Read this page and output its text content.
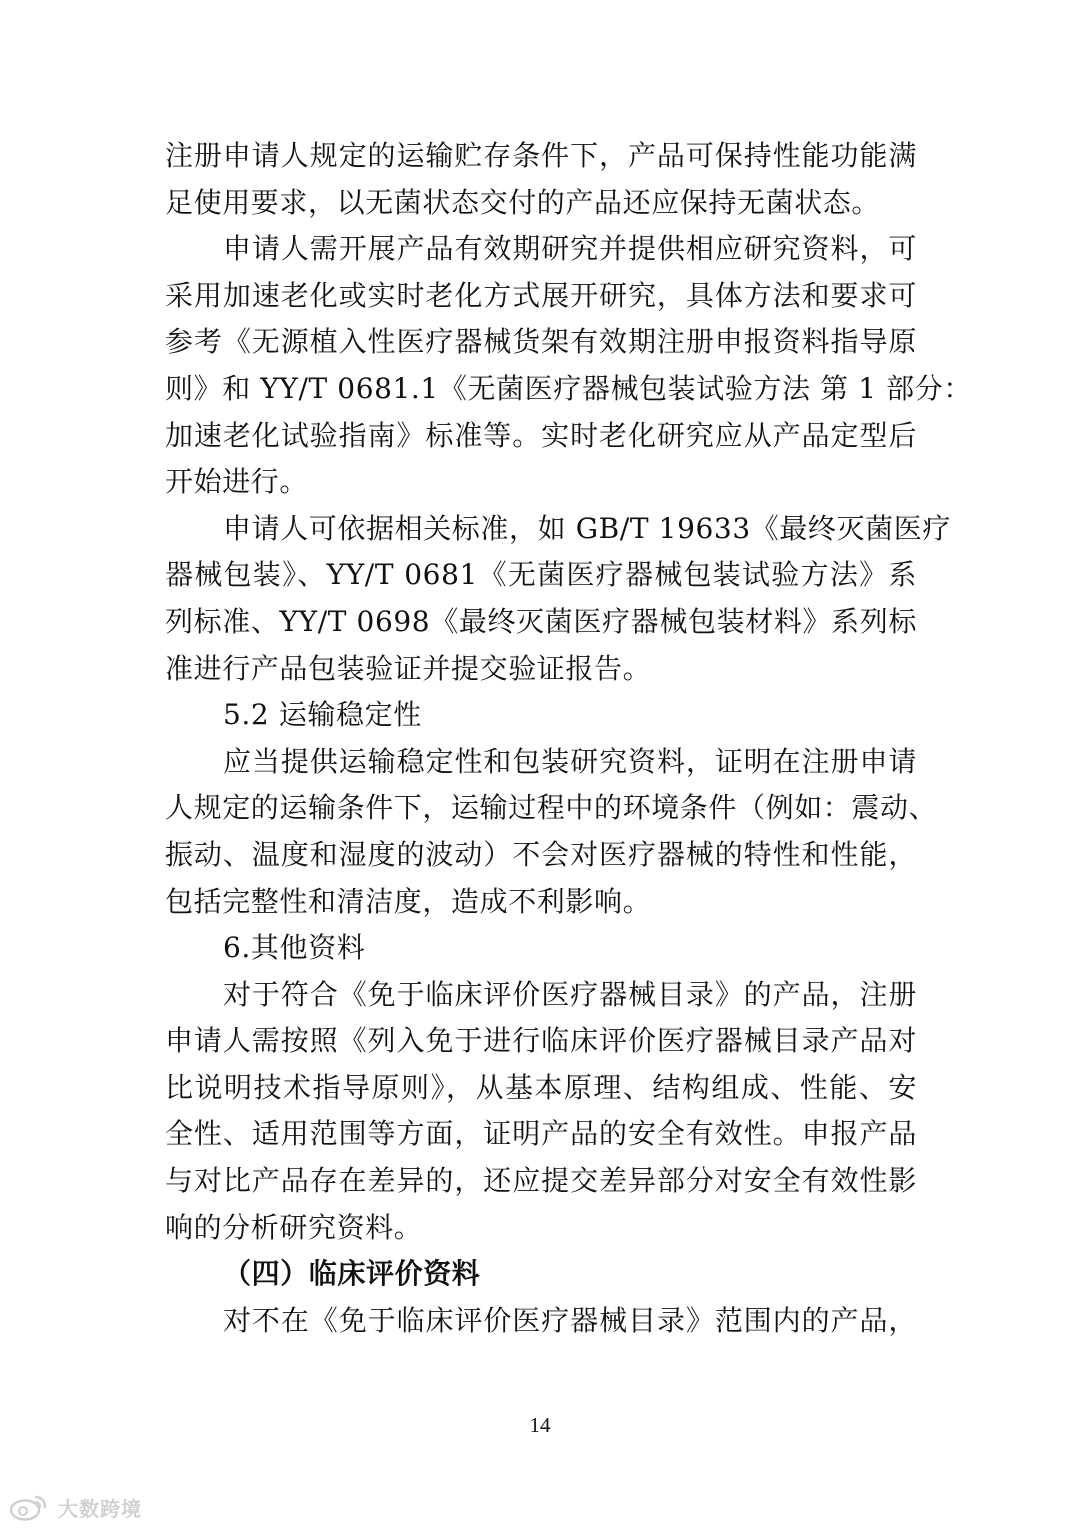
注册申请人规定的运输贮存条件下，产品可保持性能功能满
足使用要求，以无菌状态交付的产品还应保持无菌状态。
申请人需开展产品有效期研究并提供相应研究资料，可
采用加速老化或实时老化方式展开研究，具体方法和要求可
参考《无源植入性医疗器械货架有效期注册申报资料指导原
则》和 YY/T 0681.1《无菌医疗器械包装试验方法 第 1 部分：
加速老化试验指南》标准等。实时老化研究应从产品定型后
开始进行。
申请人可依据相关标准，如 GB/T 19633《最终灭菌医疗
器械包装》、YY/T 0681《无菌医疗器械包装试验方法》系
列标准、YY/T 0698《最终灭菌医疗器械包装材料》系列标
准进行产品包装验证并提交验证报告。
5.2 运输稳定性
应当提供运输稳定性和包装研究资料，证明在注册申请
人规定的运输条件下，运输过程中的环境条件（例如：震动、
振动、温度和湿度的波动）不会对医疗器械的特性和性能，
包括完整性和清洁度，造成不利影响。
6.其他资料
对于符合《免于临床评价医疗器械目录》的产品，注册
申请人需按照《列入免于进行临床评价医疗器械目录产品对
比说明技术指导原则》，从基本原理、结构组成、性能、安
全性、适用范围等方面，证明产品的安全有效性。申报产品
与对比产品存在差异的，还应提交差异部分对安全有效性影
响的分析研究资料。
（四）临床评价资料
对不在《免于临床评价医疗器械目录》范围内的产品，
14
大数跨境
